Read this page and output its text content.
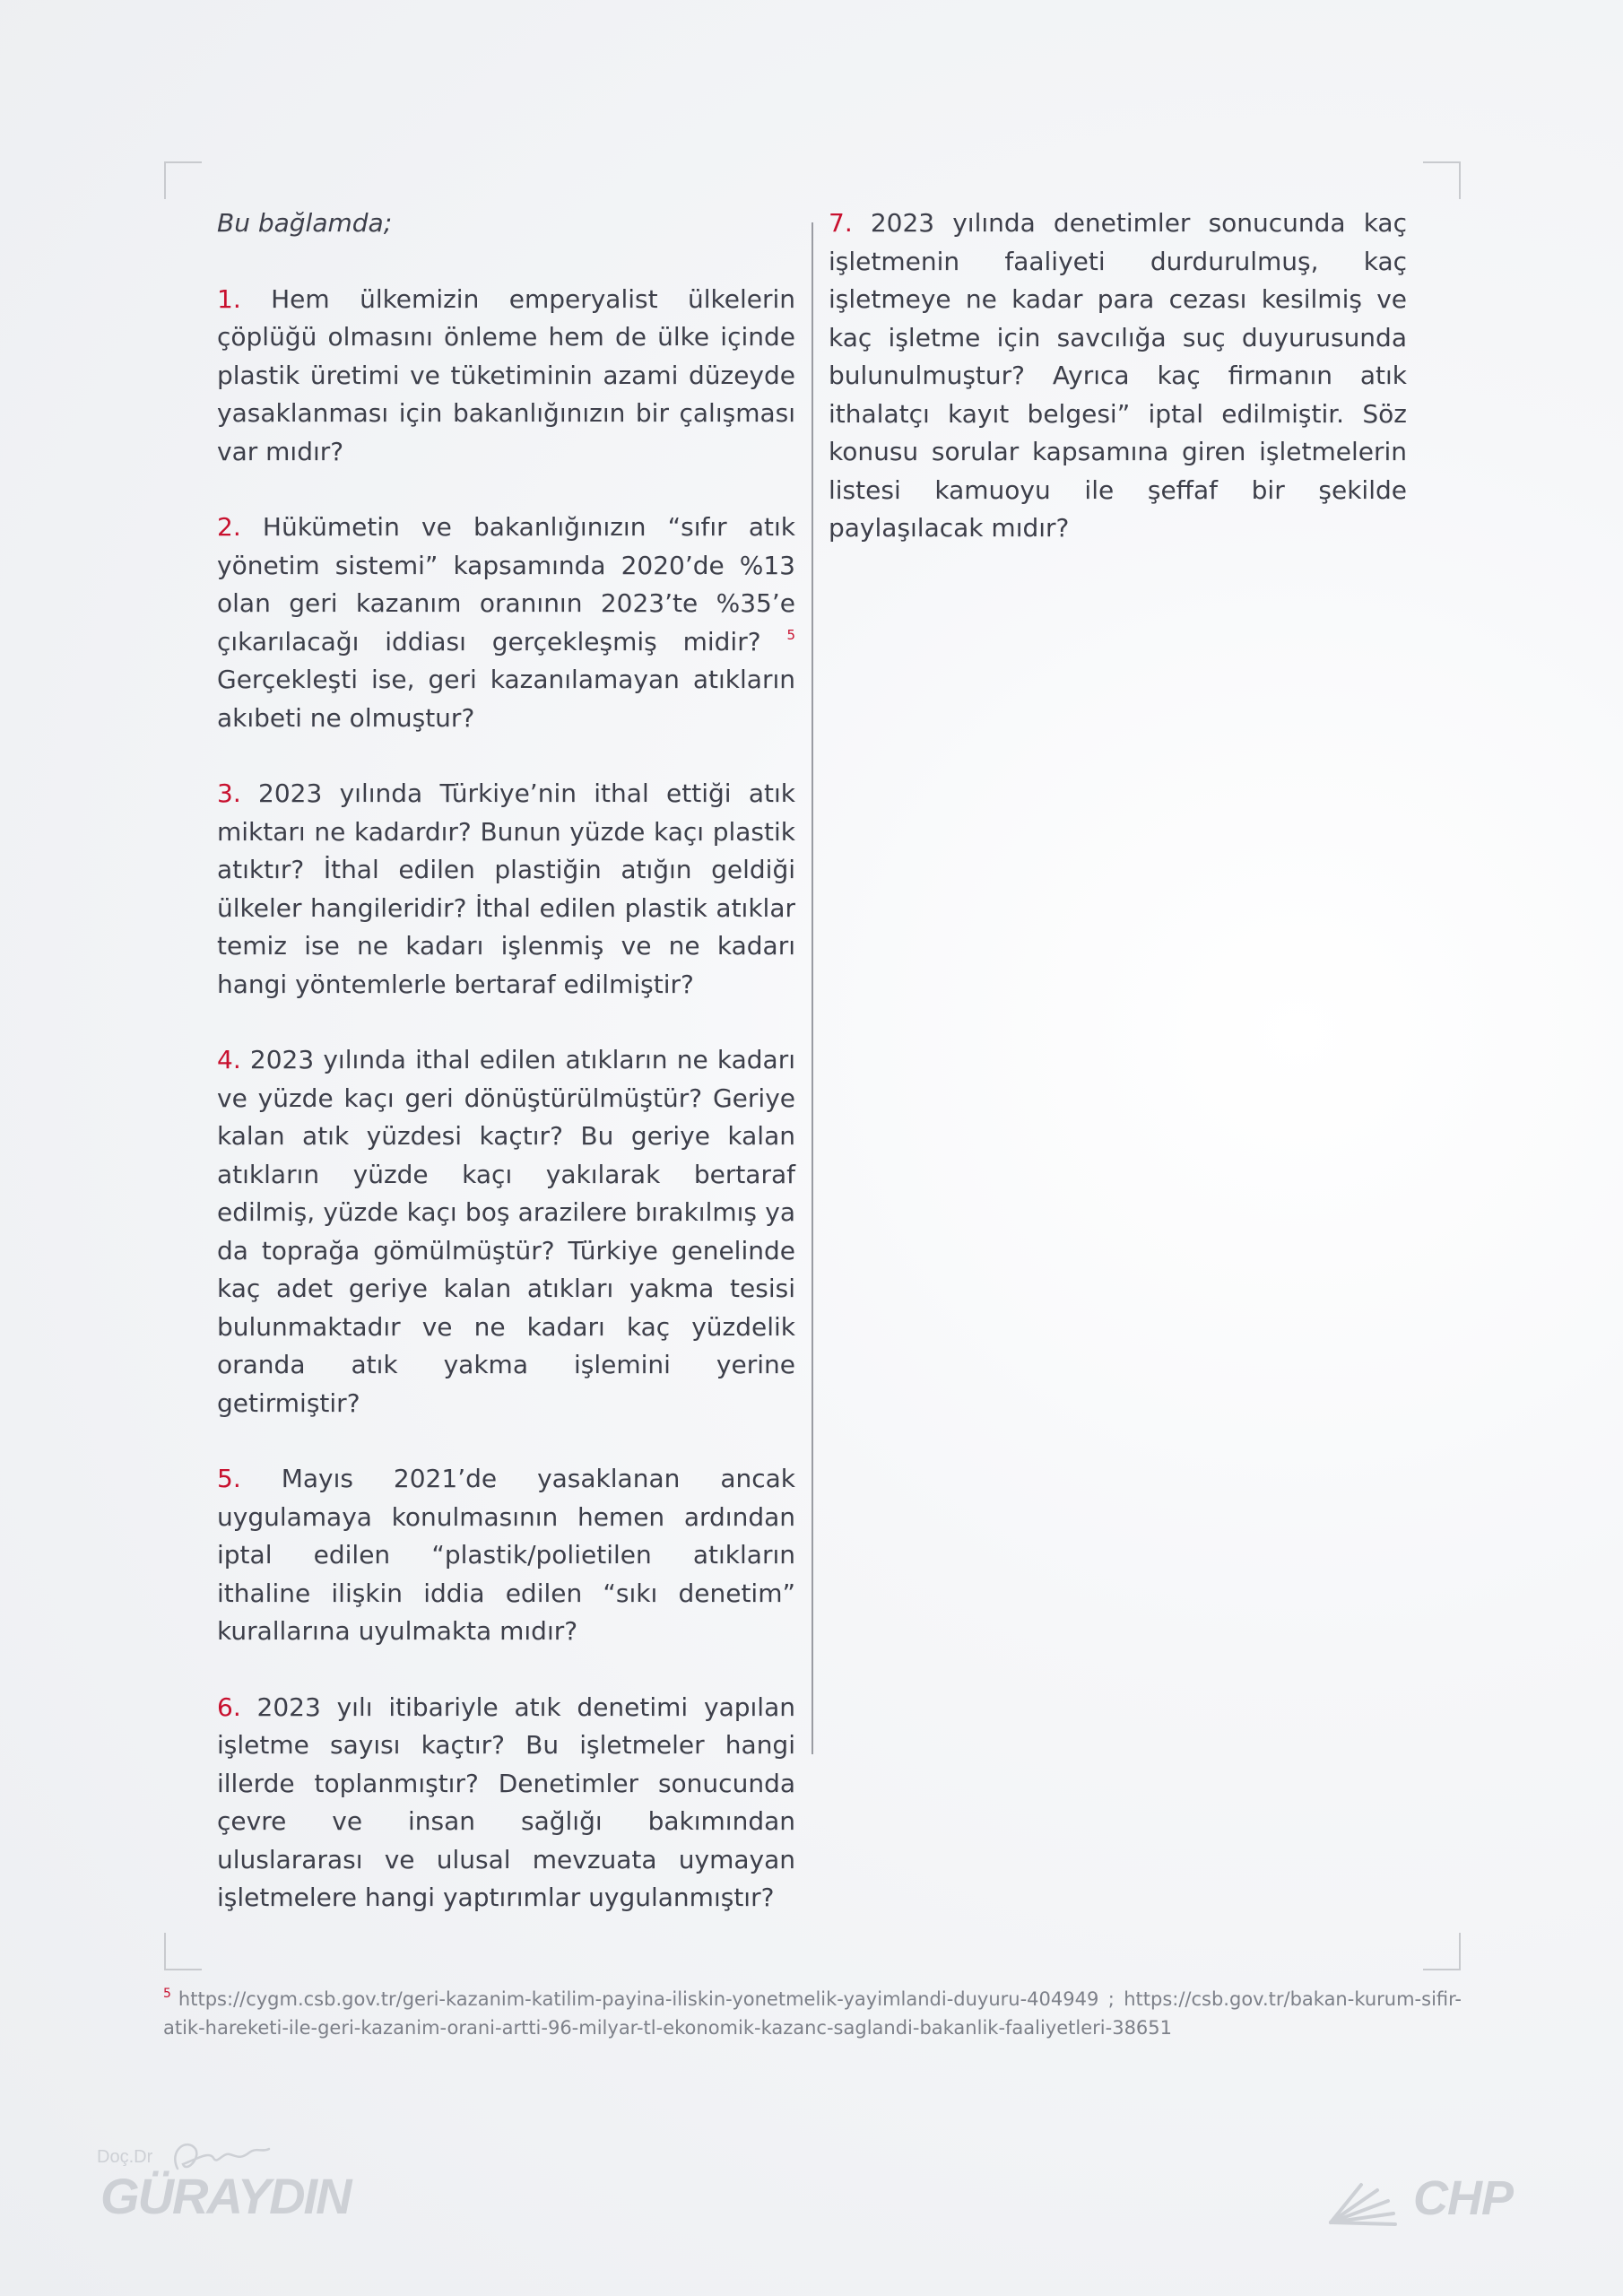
Bu bağlamda;

1. Hem ülkemizin emperyalist ülkelerin çöplüğü olmasını önleme hem de ülke içinde plastik üretimi ve tüketiminin azami düzeyde yasaklanması için bakanlığınızın bir çalışması var mıdır?

2. Hükümetin ve bakanlığınızın “sıfır atık yönetim sistemi” kapsamında 2020’de %13 olan geri kazanım oranının 2023’te %35’e çıkarılacağı iddiası gerçekleşmiş midir? $^5$ Gerçekleşti ise, geri kazanılamayan atıkların akıbeti ne olmuştur?

3. 2023 yılında Türkiye’nin ithal ettiği atık miktarı ne kadardır? Bunun yüzde kaçı plastik atıktır? İthal edilen plastiğin atığın geldiği ülkeler hangileridir? İthal edilen plastik atıklar temiz ise ne kadarı işlenmiş ve ne kadarı hangi yöntemlerle bertaraf edilmiştir?

4. 2023 yılında ithal edilen atıkların ne kadarı ve yüzde kaçı geri dönüştürülmüştür? Geriye kalan atık yüzdesi kaçtır? Bu geriye kalan atıkların yüzde kaçı yakılarak bertaraf edilmiş, yüzde kaçı boş arazilere bırakılmış ya da toprağa gömülmüştür? Türkiye genelinde kaç adet geriye kalan atıkları yakma tesisi bulunmaktadır ve ne kadarı kaç yüzdelik oranda atık yakma işlemini yerine getirmiştir?

5. Mayıs 2021’de yasaklanan ancak uygulamaya konulmasının hemen ardından iptal edilen “plastik/polietilen atıkların ithaline ilişkin iddia edilen “sıkı denetim” kurallarına uyulmakta mıdır?

6. 2023 yılı itibariyle atık denetimi yapılan işletme sayısı kaçtır? Bu işletmeler hangi illerde toplanmıştır? Denetimler sonucunda çevre ve insan sağlığı bakımından uluslararası ve ulusal mevzuata uymayan işletmelere hangi yaptırımlar uygulanmıştır?

7. 2023 yılında denetimler sonucunda kaç işletmenin faaliyeti durdurulmuş, kaç işletmeye ne kadar para cezası kesilmiş ve kaç işletme için savcılığa suç duyurusunda bulunulmuştur? Ayrıca kaç firmanın atık ithalatçı kayıt belgesi” iptal edilmiştir. Söz konusu sorular kapsamına giren işletmelerin listesi kamuoyu ile şeffaf bir şekilde paylaşılacak mıdır?

$^5$ https://cygm.csb.gov.tr/geri-kazanim-katilim-payina-iliskin-yonetmelik-yayimlandi-duyuru-404949 ; https://csb.gov.tr/bakan-kurum-sifir-atik-hareketi-ile-geri-kazanim-orani-artti-96-milyar-tl-ekonomik-kazanc-saglandi-bakanlik-faaliyetleri-38651
Doç.Dr
GÜRAYDIN	CHP
